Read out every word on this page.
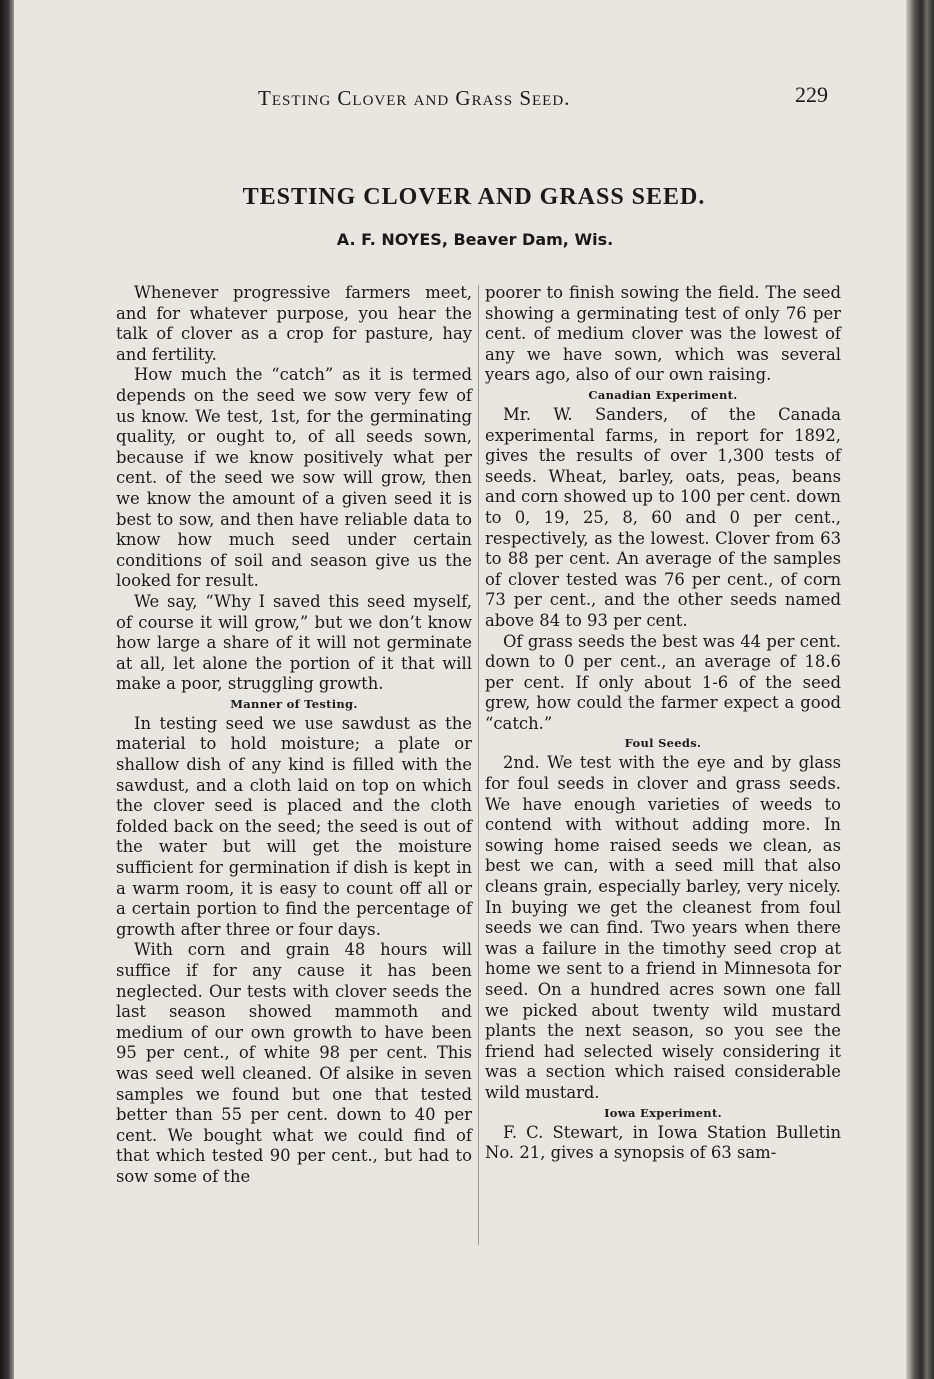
Testing Clover and Grass Seed.	229
TESTING CLOVER AND GRASS SEED.
A. F. NOYES, Beaver Dam, Wis.

Whenever progressive farmers meet, and for whatever purpose, you hear the talk of clover as a crop for pasture, hay and fertility.

How much the “catch” as it is termed depends on the seed we sow very few of us know. We test, 1st, for the germinating quality, or ought to, of all seeds sown, because if we know positively what per cent. of the seed we sow will grow, then we know the amount of a given seed it is best to sow, and then have reliable data to know how much seed under certain conditions of soil and season give us the looked for result.

We say, “Why I saved this seed myself, of course it will grow,” but we don’t know how large a share of it will not germinate at all, let alone the portion of it that will make a poor, struggling growth.

Manner of Testing.

In testing seed we use sawdust as the material to hold moisture; a plate or shallow dish of any kind is filled with the sawdust, and a cloth laid on top on which the clover seed is placed and the cloth folded back on the seed; the seed is out of the water but will get the moisture sufficient for germination if dish is kept in a warm room, it is easy to count off all or a certain portion to find the percentage of growth after three or four days.

With corn and grain 48 hours will suffice if for any cause it has been neglected. Our tests with clover seeds the last season showed mammoth and medium of our own growth to have been 95 per cent., of white 98 per cent. This was seed well cleaned. Of alsike in seven samples we found but one that tested better than 55 per cent. down to 40 per cent. We bought what we could find of that which tested 90 per cent., but had to sow some of the

poorer to finish sowing the field. The seed showing a germinating test of only 76 per cent. of medium clover was the lowest of any we have sown, which was several years ago, also of our own raising.

Canadian Experiment.

Mr. W. Sanders, of the Canada experimental farms, in report for 1892, gives the results of over 1,300 tests of seeds. Wheat, barley, oats, peas, beans and corn showed up to 100 per cent. down to 0, 19, 25, 8, 60 and 0 per cent., respectively, as the lowest. Clover from 63 to 88 per cent. An average of the samples of clover tested was 76 per cent., of corn 73 per cent., and the other seeds named above 84 to 93 per cent.

Of grass seeds the best was 44 per cent. down to 0 per cent., an average of 18.6 per cent. If only about 1-6 of the seed grew, how could the farmer expect a good “catch.”

Foul Seeds.

2nd. We test with the eye and by glass for foul seeds in clover and grass seeds. We have enough varieties of weeds to contend with without adding more. In sowing home raised seeds we clean, as best we can, with a seed mill that also cleans grain, especially barley, very nicely. In buying we get the cleanest from foul seeds we can find. Two years when there was a failure in the timothy seed crop at home we sent to a friend in Minnesota for seed. On a hundred acres sown one fall we picked about twenty wild mustard plants the next season, so you see the friend had selected wisely considering it was a section which raised considerable wild mustard.

Iowa Experiment.

F. C. Stewart, in Iowa Station Bulletin No. 21, gives a synopsis of 63 sam-
